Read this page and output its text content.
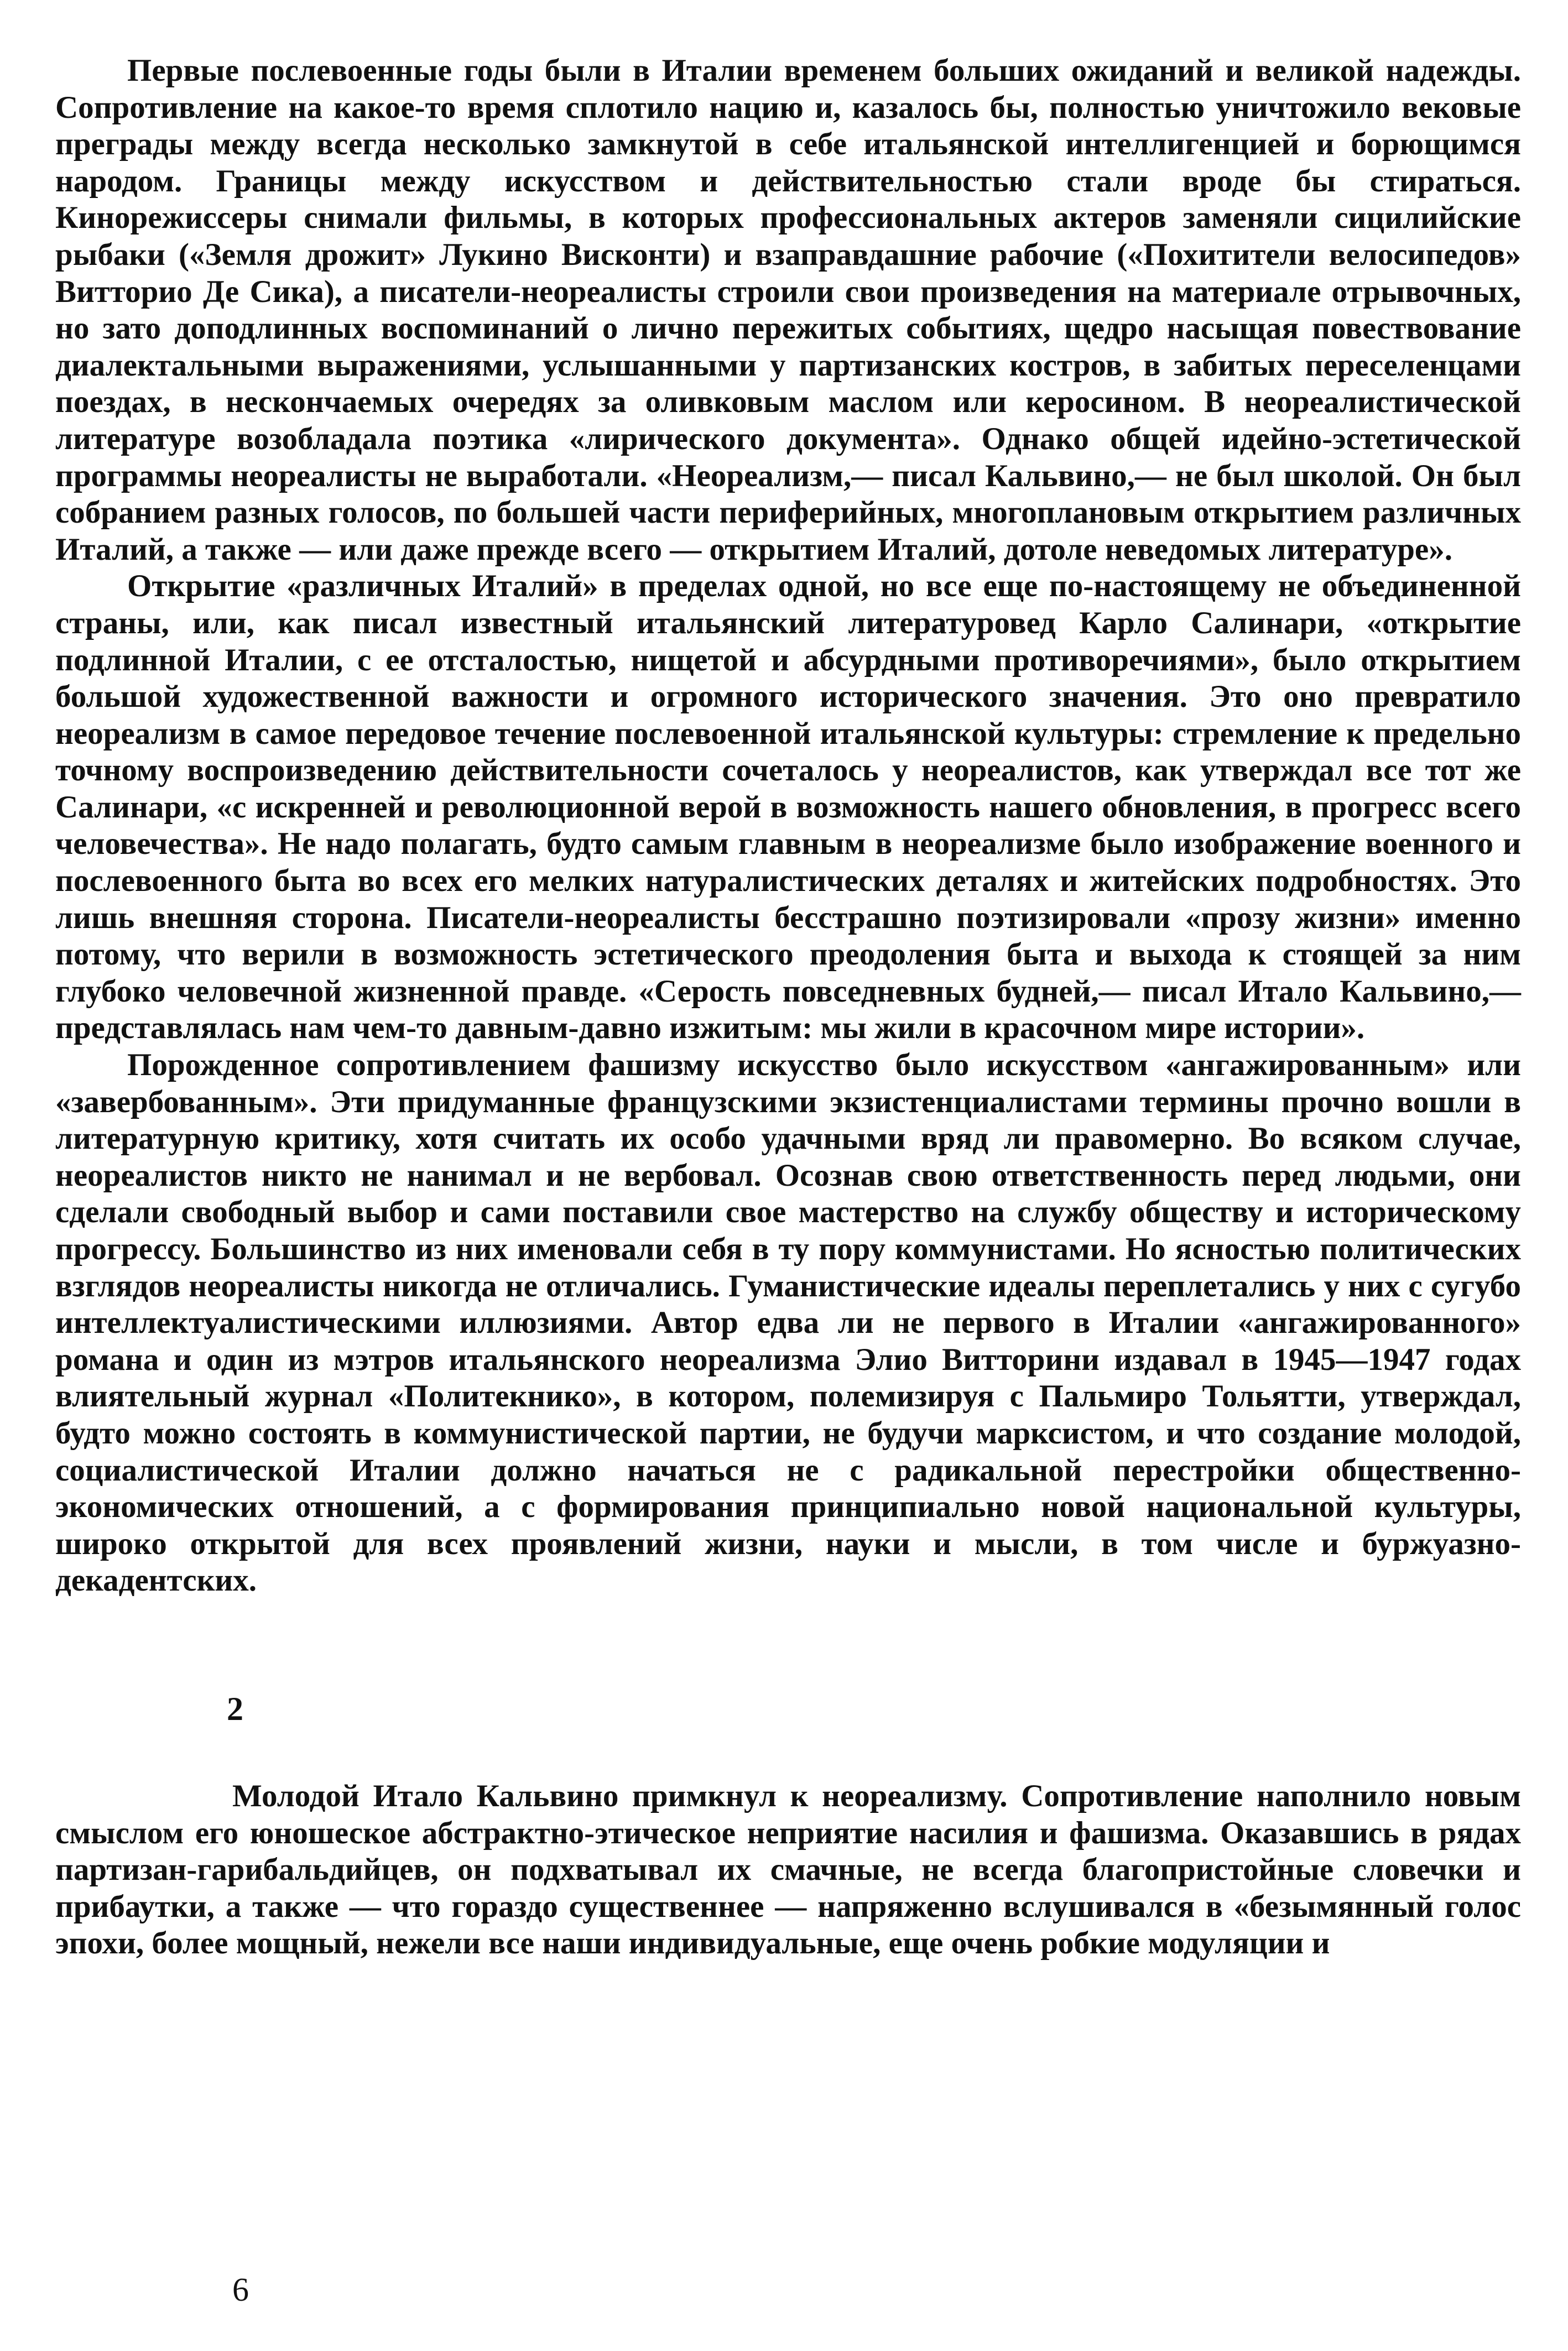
Первые послевоенные годы были в Италии временем больших ожиданий и великой надежды. Сопротивление на какое-то время сплотило нацию и, казалось бы, полностью уничтожило вековые преграды между всегда несколько замкнутой в себе итальянской интеллигенцией и борющимся народом. Границы между искусством и действительностью стали вроде бы стираться. Кинорежиссеры снимали фильмы, в которых профессиональных актеров заменяли сицилийские рыбаки («Земля дрожит» Лукино Висконти) и взаправдашние рабочие («Похитители велосипедов» Витторио Де Сика), а писатели-неореалисты строили свои произведения на материале отрывочных, но зато доподлинных воспоминаний о лично пережитых событиях, щедро насыщая повествование диалектальными выражениями, услышанными у партизанских костров, в забитых переселенцами поездах, в нескончаемых очередях за оливковым маслом или керосином. В неореалистической литературе возобладала поэтика «лирического документа». Однако общей идейно-эстетической программы неореалисты не выработали. «Неореализм,— писал Кальвино,— не был школой. Он был собранием разных голосов, по большей части периферийных, многоплановым открытием различных Италий, а также — или даже прежде всего — открытием Италий, дотоле неведомых литературе».

Открытие «различных Италий» в пределах одной, но все еще по-настоящему не объединенной страны, или, как писал известный итальянский литературовед Карло Салинари, «открытие подлинной Италии, с ее отсталостью, нищетой и абсурдными противоречиями», было открытием большой художественной важности и огромного исторического значения. Это оно превратило неореализм в самое передовое течение послевоенной итальянской культуры: стремление к предельно точному воспроизведению действительности сочеталось у неореалистов, как утверждал все тот же Салинари, «с искренней и революционной верой в возможность нашего обновления, в прогресс всего человечества». Не надо полагать, будто самым главным в неореализме было изображение военного и послевоенного быта во всех его мелких натуралистических деталях и житейских подробностях. Это лишь внешняя сторона. Писатели-неореалисты бесстрашно поэтизировали «прозу жизни» именно потому, что верили в возможность эстетического преодоления быта и выхода к стоящей за ним глубоко человечной жизненной правде. «Серость повседневных будней,— писал Итало Кальвино,— представлялась нам чем-то давным-давно изжитым: мы жили в красочном мире истории».

Порожденное сопротивлением фашизму искусство было искусством «ангажированным» или «завербованным». Эти придуманные французскими экзистенциалистами термины прочно вошли в литературную критику, хотя считать их особо удачными вряд ли правомерно. Во всяком случае, неореалистов никто не нанимал и не вербовал. Осознав свою ответственность перед людьми, они сделали свободный выбор и сами поставили свое мастерство на службу обществу и историческому прогрессу. Большинство из них именовали себя в ту пору коммунистами. Но ясностью политических взглядов неореалисты никогда не отличались. Гуманистические идеалы переплетались у них с сугубо интеллектуалистическими иллюзиями. Автор едва ли не первого в Италии «ангажированного» романа и один из мэтров итальянского неореализма Элио Витторини издавал в 1945—1947 годах влиятельный журнал «Политекнико», в котором, полемизируя с Пальмиро Тольятти, утверждал, будто можно состоять в коммунистической партии, не будучи марксистом, и что создание молодой, социалистической Италии должно начаться не с радикальной перестройки общественно-экономических отношений, а с формирования принципиально новой национальной культуры, широко открытой для всех проявлений жизни, науки и мысли, в том числе и буржуазно-декадентских.

2

Молодой Итало Кальвино примкнул к неореализму. Сопротивление наполнило новым смыслом его юношеское абстрактно-этическое неприятие насилия и фашизма. Оказавшись в рядах партизан-гарибальдийцев, он подхватывал их смачные, не всегда благопристойные словечки и прибаутки, а также — что гораздо существеннее — напряженно вслушивался в «безымянный голос эпохи, более мощный, нежели все наши индивидуальные, еще очень робкие модуляции и

6
